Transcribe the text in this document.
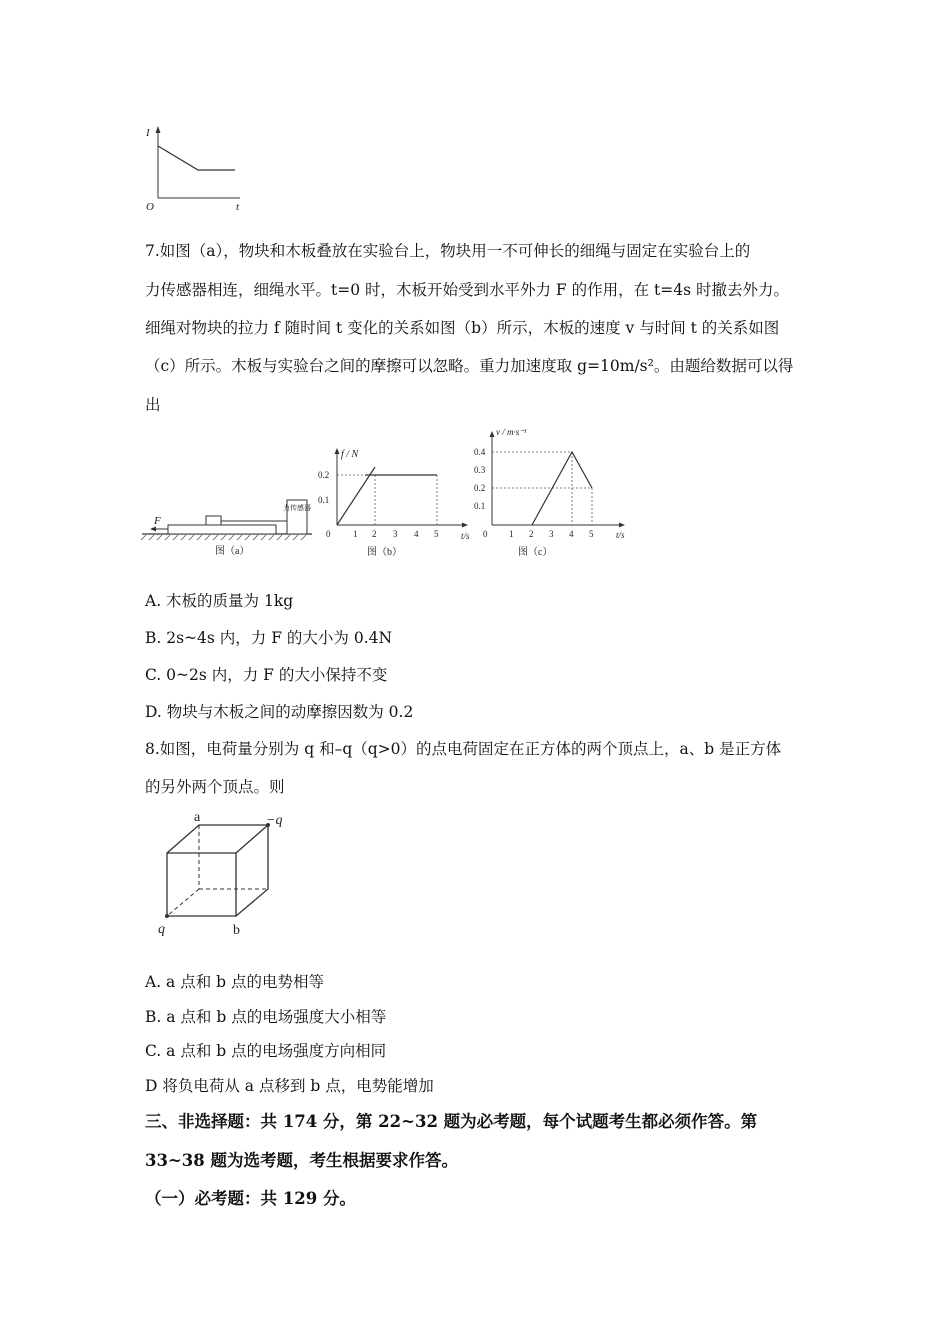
I
t
O
7.如图（a），物块和木板叠放在实验台上，物块用一不可伸长的细绳与固定在实验台上的
力传感器相连，细绳水平。t=0 时，木板开始受到水平外力 F 的作用，在 t=4s 时撤去外力。
细绳对物块的拉力 f 随时间 t 变化的关系如图（b）所示，木板的速度 v 与时间 t 的关系如图
（c）所示。木板与实验台之间的摩擦可以忽略。重力加速度取 g=10m/s²。由题给数据可以得
出
力传感器
F
图（a）
f / N
t/s
0.2
0.1
0	1 2 3 4 5
图（b）
v / m·s⁻¹
t/s
0.4
0.3
0.2
0.1
0 1 2 3 4 5
图（c）
A. 木板的质量为 1kg
B. 2s~4s 内，力 F 的大小为 0.4N
C. 0~2s 内，力 F 的大小保持不变
D. 物块与木板之间的动摩擦因数为 0.2
8.如图，电荷量分别为 q 和–q（q>0）的点电荷固定在正方体的两个顶点上，a、b 是正方体
的另外两个顶点。则
a	−q
q	b
A. a 点和 b 点的电势相等
B. a 点和 b 点的电场强度大小相等
C. a 点和 b 点的电场强度方向相同
D 将负电荷从 a 点移到 b 点，电势能增加
三、非选择题：共 174 分，第 22~32 题为必考题，每个试题考生都必须作答。第
33~38 题为选考题，考生根据要求作答。
（一）必考题：共 129 分。
